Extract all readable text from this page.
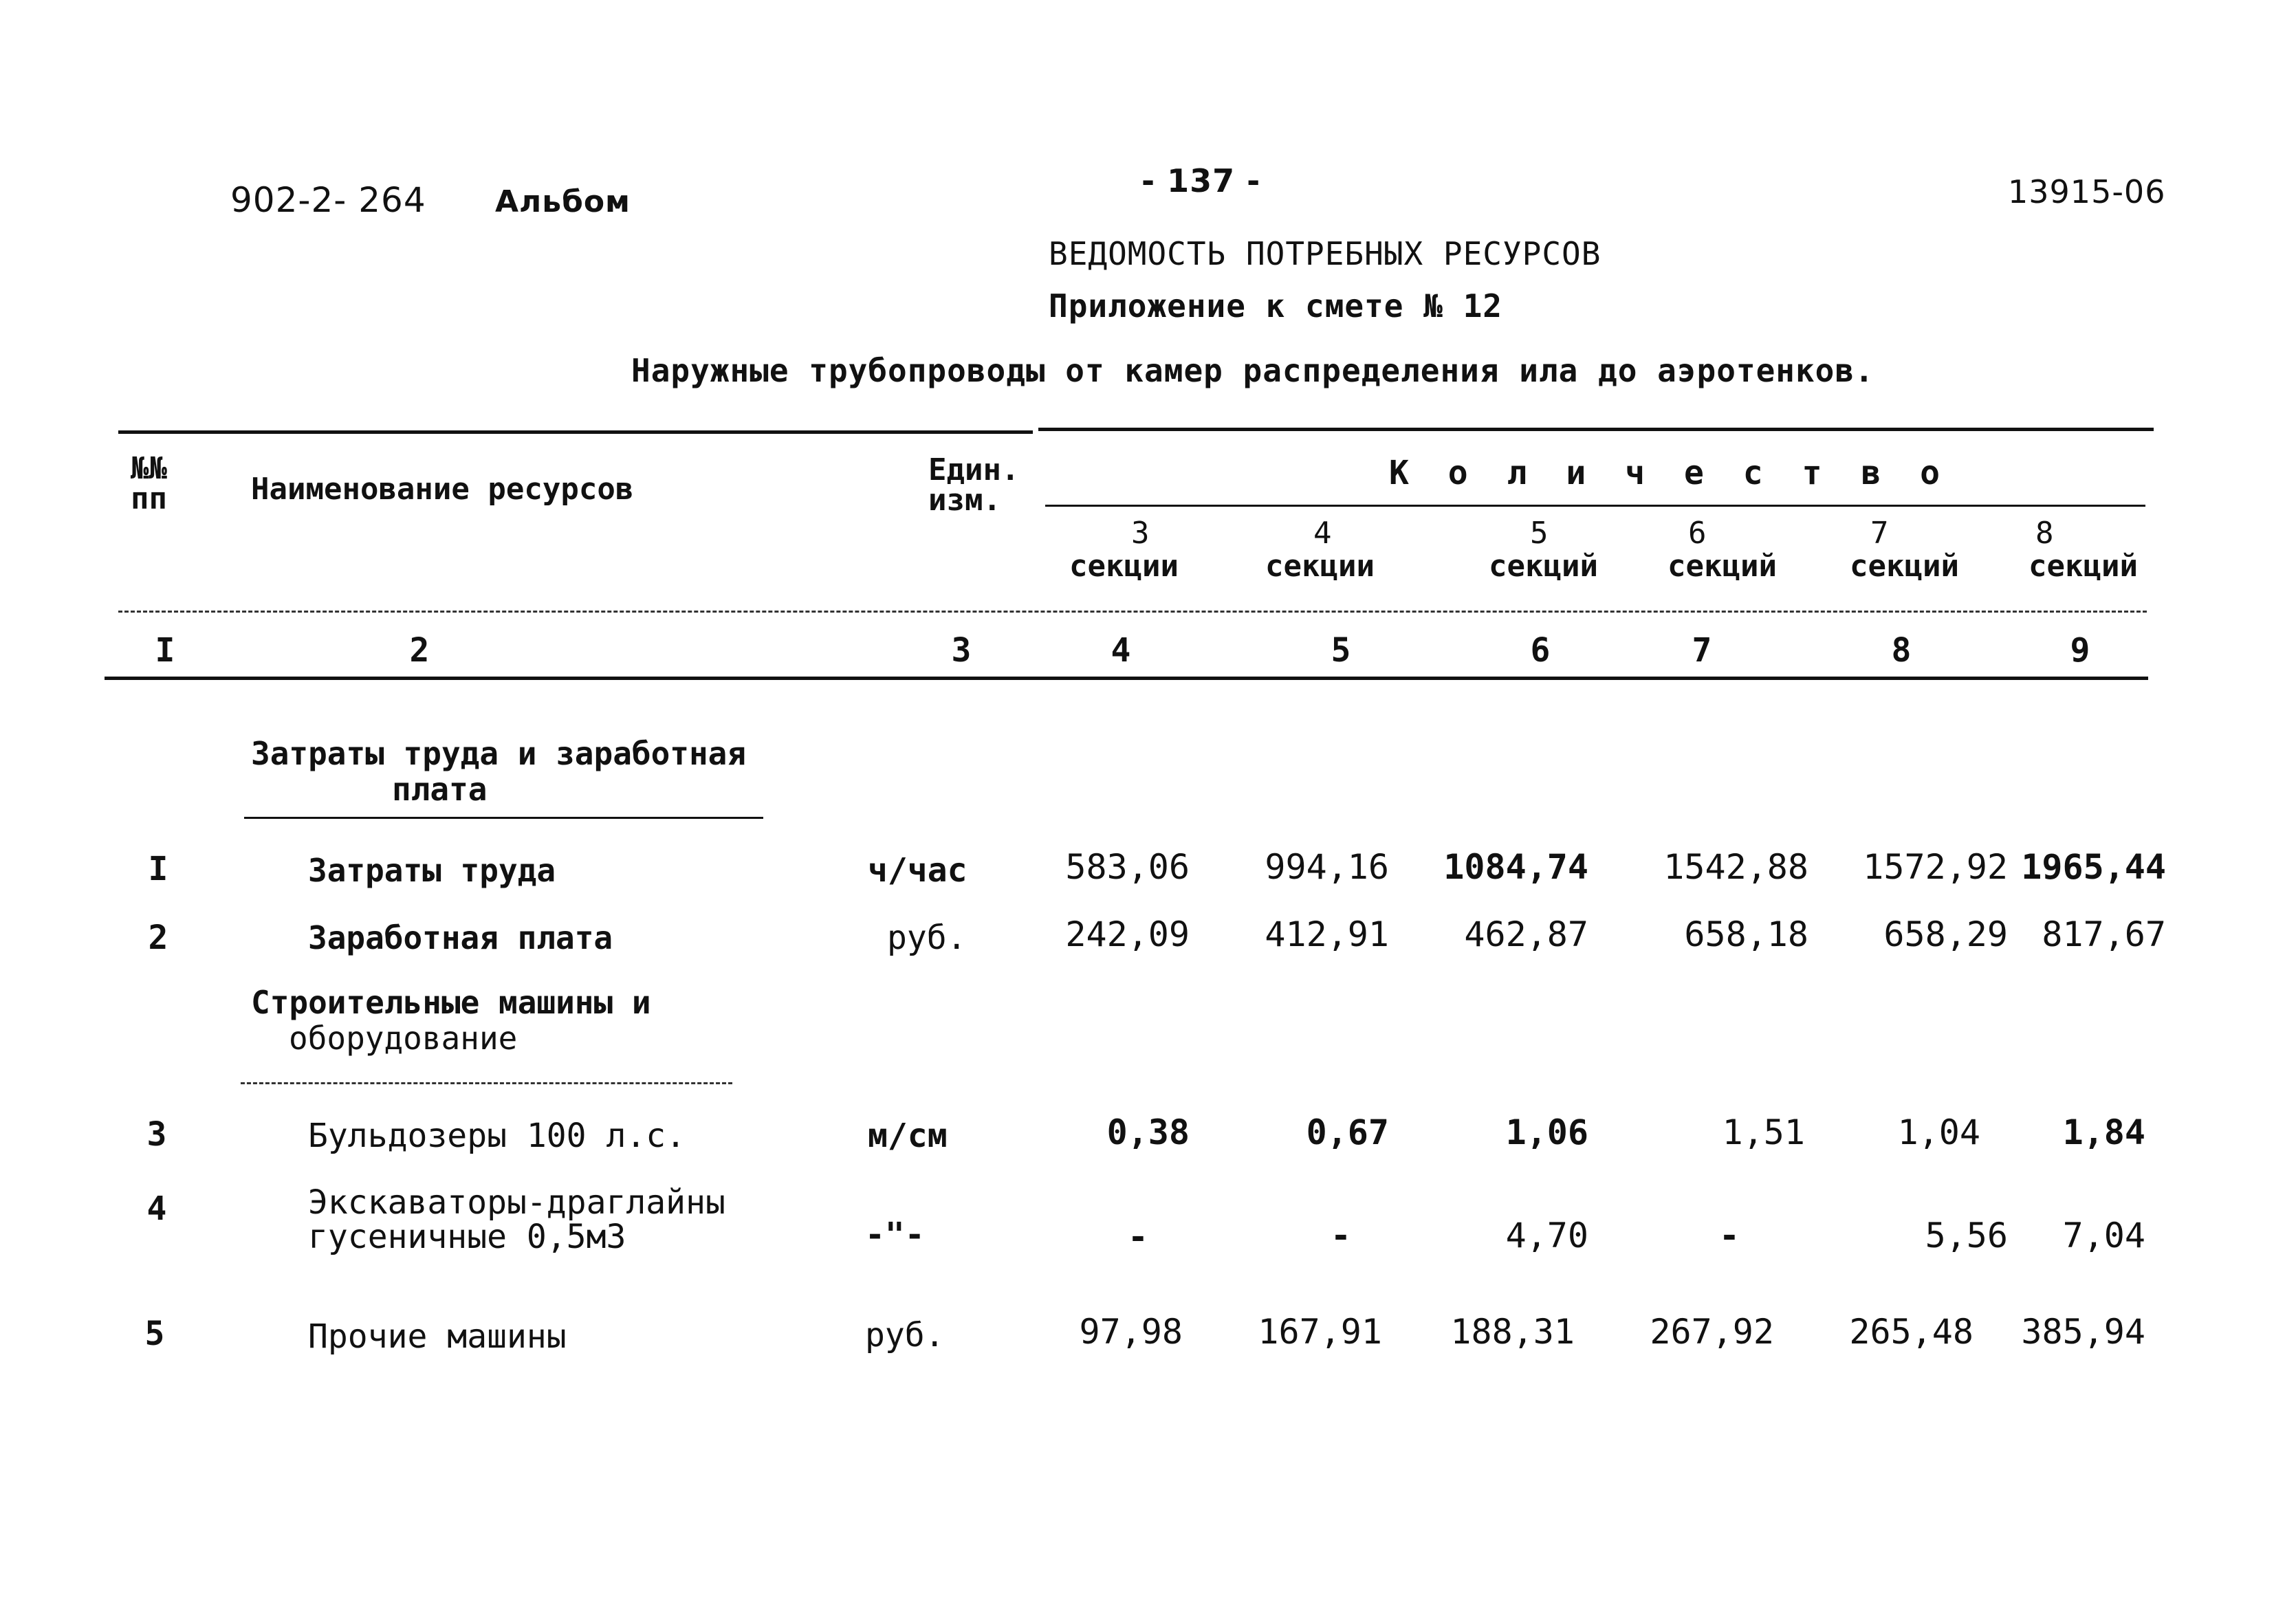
902-2- 264 Альбом
- 137 -	13915-06
ВЕДОМОСТЬ ПОТРЕБНЫХ РЕСУРСОВ
Приложение к смете № 12
Наружные трубопроводы от камер распределения ила до аэротенков.
№№
пп	Наименование ресурсов
Един.
изм.
К о л и ч е с т в о
3
секции
4
секции
5
секций
6
секций
7
секций
8
секций
I	2	3	4	5	6	7	8	9
Затраты труда и заработная
плата
I	Затраты труда	ч/час	583,06	994,16	1084,74	1542,88	1572,92 1965,44
2	Заработная плата	руб.	242,09	412,91	462,87	658,18	658,29 817,67
Строительные машины и
оборудование
3	Бульдозеры 100 л.с.	м/см	0,38	0,67	1,06	1,51	1,04	1,84
4	Экскаваторы-драглайны
гусеничные 0,5м3	-"-	-	-	4,70	-	5,56	7,04
5	Прочие машины	руб.	97,98	167,91	188,31	267,92	265,48	385,94
